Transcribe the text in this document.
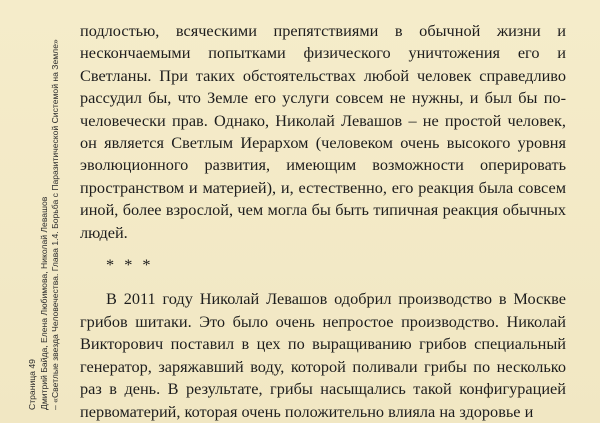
Страница 49 Дмитрий Байда, Елена Любимова, Николай Левашов – «Светлые звезда Человечества. Глава 1.4. Борьба с Паразитической Системой на Земле»

подлостью, всяческими препятствиями в обычной жизни и нескончаемыми попытками физического уничтожения его и Светланы. При таких обстоятельствах любой человек справедливо рассудил бы, что Земле его услуги совсем не нужны, и был бы по-человечески прав. Однако, Николай Левашов – не простой человек, он является Светлым Иерархом (человеком очень высокого уровня эволюционного развития, имеющим возможности оперировать пространством и материей), и, естественно, его реакция была совсем иной, более взрослой, чем могла бы быть типичная реакция обычных людей.

* * *

В 2011 году Николай Левашов одобрил производство в Москве грибов шитаки. Это было очень непростое производство. Николай Викторович поставил в цех по выращиванию грибов специальный генератор, заряжавший воду, которой поливали грибы по несколько раз в день. В результате, грибы насыщались такой конфигурацией первоматерий, которая очень положительно влияла на здоровье и
